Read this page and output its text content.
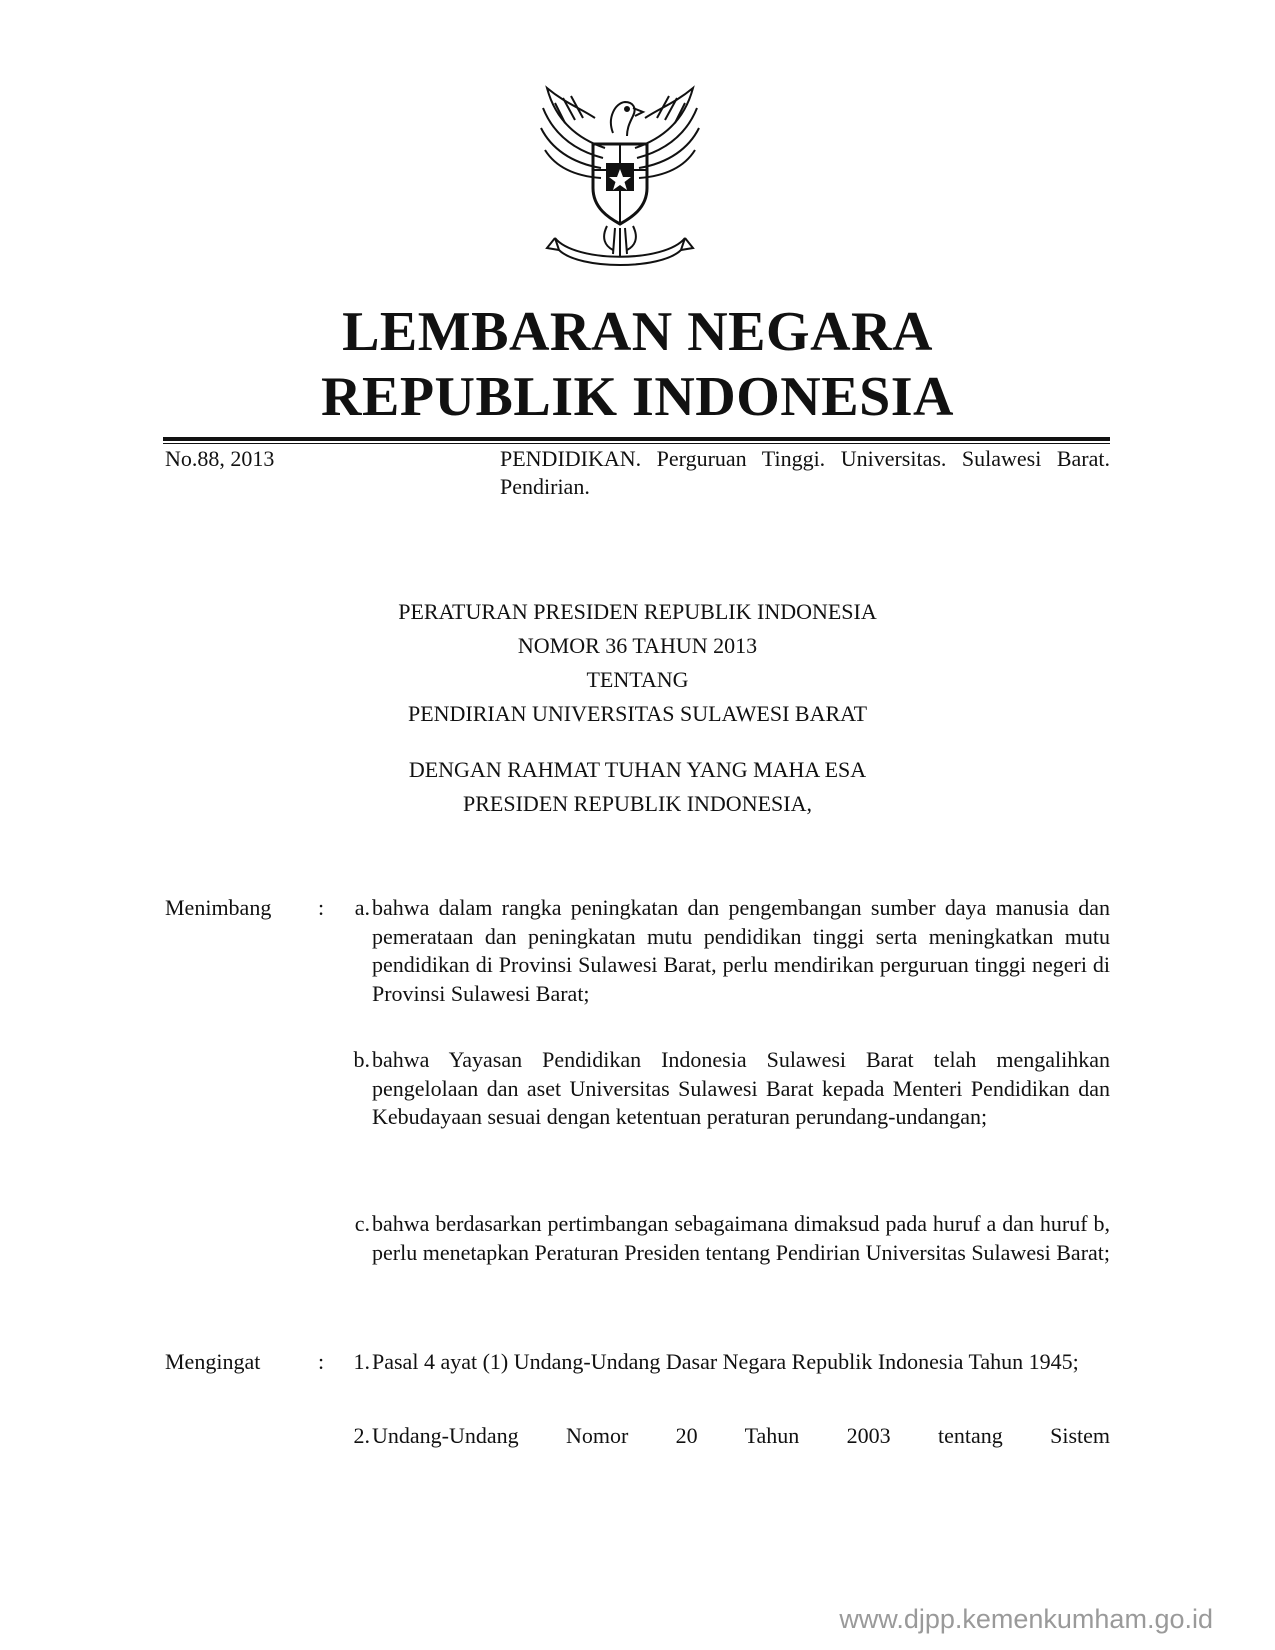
LEMBARAN NEGARA
REPUBLIK INDONESIA
No.88, 2013	PENDIDIKAN. Perguruan Tinggi. Universitas. Sulawesi Barat. Pendirian.
PERATURAN PRESIDEN REPUBLIK INDONESIA
NOMOR 36 TAHUN 2013
TENTANG
PENDIRIAN UNIVERSITAS SULAWESI BARAT
DENGAN RAHMAT TUHAN YANG MAHA ESA
PRESIDEN REPUBLIK INDONESIA,
Menimbang :	a. bahwa dalam rangka peningkatan dan pengembangan sumber daya manusia dan pemerataan dan peningkatan mutu pendidikan tinggi serta meningkatkan mutu pendidikan di Provinsi Sulawesi Barat, perlu mendirikan perguruan tinggi negeri di Provinsi Sulawesi Barat;
b. bahwa Yayasan Pendidikan Indonesia Sulawesi Barat telah mengalihkan pengelolaan dan aset Universitas Sulawesi Barat kepada Menteri Pendidikan dan Kebudayaan sesuai dengan ketentuan peraturan perundang-undangan;
c. bahwa berdasarkan pertimbangan sebagaimana dimaksud pada huruf a dan huruf b, perlu menetapkan Peraturan Presiden tentang Pendirian Universitas Sulawesi Barat;
Mengingat	:	1. Pasal 4 ayat (1) Undang-Undang Dasar Negara Republik Indonesia Tahun 1945;
2. Undang-Undang Nomor 20 Tahun 2003 tentang Sistem
www.djpp.kemenkumham.go.id
